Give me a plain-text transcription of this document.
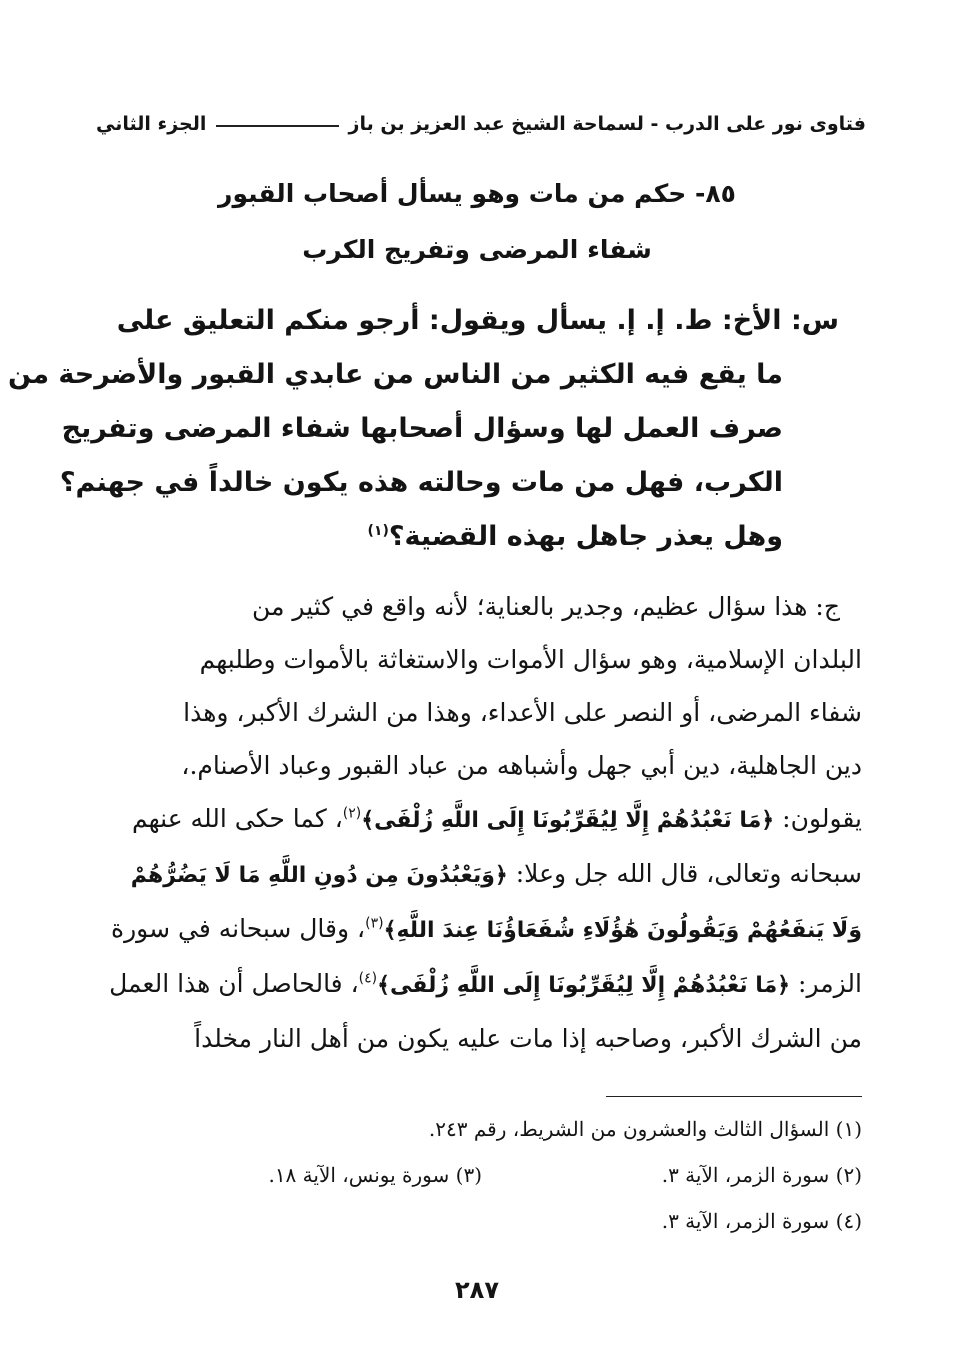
فتاوى نور على الدرب - لسماحة الشيخ عبد العزيز بن باز
الجزء الثاني
٨٥- حكم من مات وهو يسأل أصحاب القبور
شفاء المرضى وتفريج الكرب
س: الأخ: ط. إ. إ. يسأل ويقول: أرجو منكم التعليق على
ما يقع فيه الكثير من الناس من عابدي القبور والأضرحة من
صرف العمل لها وسؤال أصحابها شفاء المرضى وتفريج
الكرب، فهل من مات وحالته هذه يكون خالداً في جهنم؟
وهل يعذر جاهل بهذه القضية؟$^{(١)}$
ج: هذا سؤال عظيم، وجدير بالعناية؛ لأنه واقع في كثير من
البلدان الإسلامية، وهو سؤال الأموات والاستغاثة بالأموات وطلبهم
شفاء المرضى، أو النصر على الأعداء، وهذا من الشرك الأكبر، وهذا
دين الجاهلية، دين أبي جهل وأشباهه من عباد القبور وعباد الأصنام.،
يقولون: ﴿مَا نَعْبُدُهُمْ إِلَّا لِيُقَرِّبُونَا إِلَى اللَّهِ زُلْفَى﴾$^{(٢)}$، كما حكى الله عنهم
سبحانه وتعالى، قال الله جل وعلا: ﴿وَيَعْبُدُونَ مِن دُونِ اللَّهِ مَا لَا يَضُرُّهُمْ
وَلَا يَنفَعُهُمْ وَيَقُولُونَ هَٰؤُلَاءِ شُفَعَاؤُنَا عِندَ اللَّهِ﴾$^{(٣)}$، وقال سبحانه في سورة
الزمر: ﴿مَا نَعْبُدُهُمْ إِلَّا لِيُقَرِّبُونَا إِلَى اللَّهِ زُلْفَى﴾$^{(٤)}$، فالحاصل أن هذا العمل
من الشرك الأكبر، وصاحبه إذا مات عليه يكون من أهل النار مخلداً
(١) السؤال الثالث والعشرون من الشريط، رقم ٢٤٣.
(٢) سورة الزمر، الآية ٣.
(٣) سورة يونس، الآية ١٨.
(٤) سورة الزمر، الآية ٣.
٢٨٧
